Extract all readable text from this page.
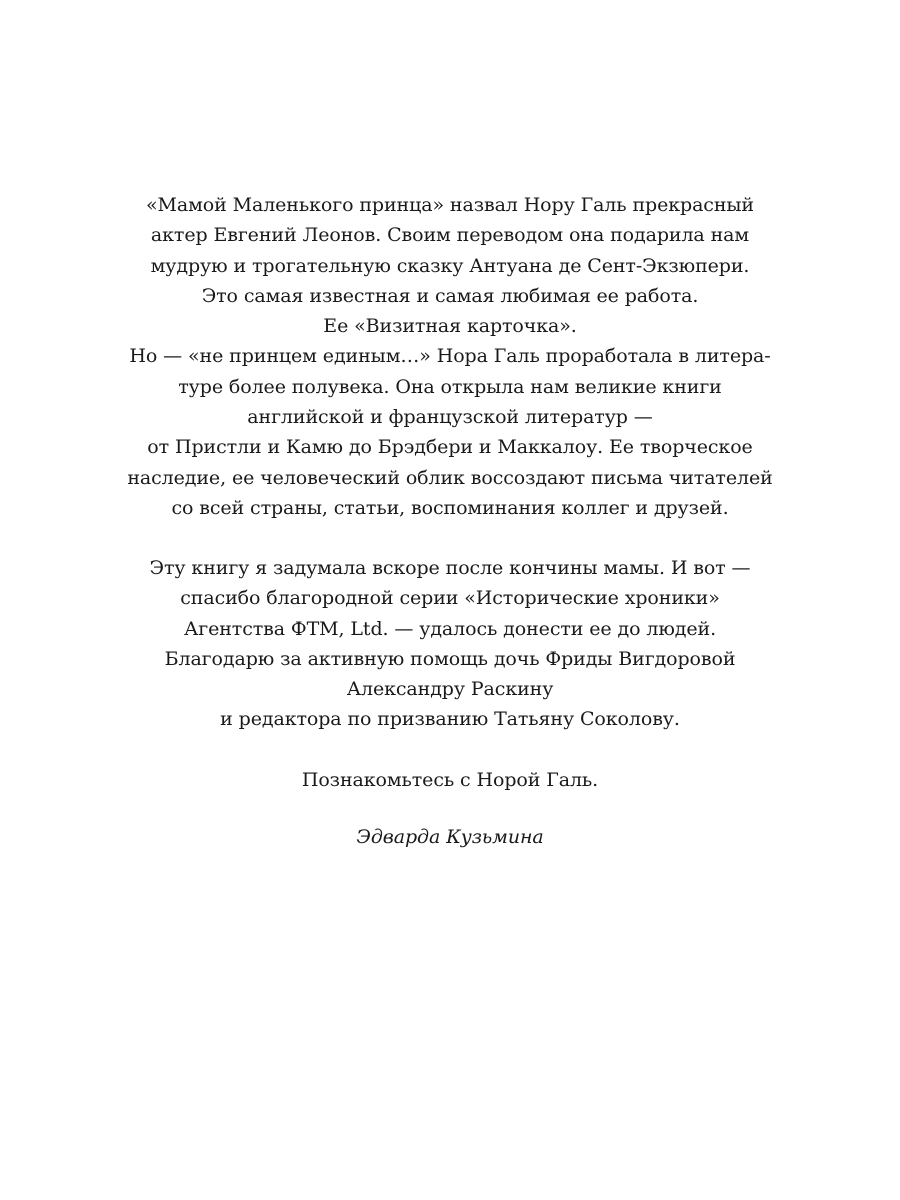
«Мамой Маленького принца» назвал Нору Галь прекрасный
актер Евгений Леонов. Своим переводом она подарила нам
мудрую и трогательную сказку Антуана де Сент-Экзюпери.
Это самая известная и самая любимая ее работа.
Ее «Визитная карточка».
Но — «не принцем единым…» Нора Галь проработала в литера-
туре более полувека. Она открыла нам великие книги
английской и французской литератур —
от Пристли и Камю до Брэдбери и Маккалоу. Ее творческое
наследие, ее человеческий облик воссоздают письма читателей
со всей страны, статьи, воспоминания коллег и друзей.
Эту книгу я задумала вскоре после кончины мамы. И вот —
спасибо благородной серии «Исторические хроники»
Агентства ФТМ, Ltd. — удалось донести ее до людей.
Благодарю за активную помощь дочь Фриды Вигдоровой
Александру Раскину
и редактора по призванию Татьяну Соколову.
Познакомьтесь с Норой Галь.
Эдварда Кузьмина
